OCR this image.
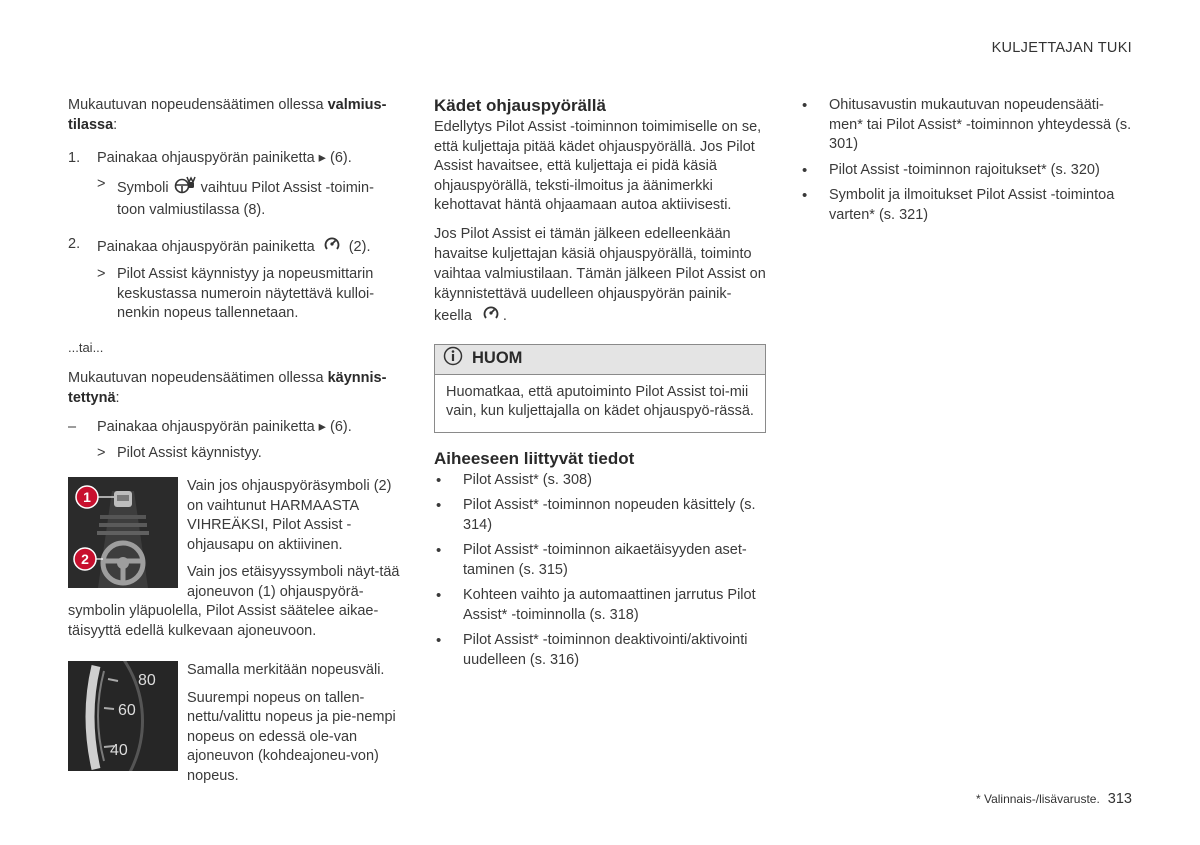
KULJETTAJAN TUKI

Mukautuvan nopeudensäätimen ollessa valmius-tilassa:

1. Painakaa ohjauspyörän painiketta ▸ (6).
> Symboli vaihtuu Pilot Assist -toimin-toon valmiustilassa (8).
2. Painakaa ohjauspyörän painiketta (2).
> Pilot Assist käynnistyy ja nopeusmittarin keskustassa numeroin näytettävä kulloi-nenkin nopeus tallennetaan.

...tai...

Mukautuvan nopeudensäätimen ollessa käynnis-tettynä:

– Painakaa ohjauspyörän painiketta ▸ (6).
> Pilot Assist käynnistyy.
1
2

Vain jos ohjauspyöräsymboli (2) on vaihtunut HARMAASTA VIHREÄKSI, Pilot Assist -ohjausapu on aktiivinen.

Vain jos etäisyyssymboli näyt-tää ajoneuvon (1) ohjauspyörä-symbolin yläpuolella, Pilot Assist säätelee aikae-täisyyttä edellä kulkevaan ajoneuvoon.

80
60
40

Samalla merkitään nopeusväli.

Suurempi nopeus on tallen-nettu/valittu nopeus ja pie-nempi nopeus on edessä ole-van ajoneuvon (kohdeajoneu-von) nopeus.

Kädet ohjauspyörällä

Edellytys Pilot Assist -toiminnon toimimiselle on se, että kuljettaja pitää kädet ohjauspyörällä. Jos Pilot Assist havaitsee, että kuljettaja ei pidä käsiä ohjauspyörällä, teksti-ilmoitus ja äänimerkki kehottavat häntä ohjaamaan autoa aktiivisesti.

Jos Pilot Assist ei tämän jälkeen edelleenkään havaitse kuljettajan käsiä ohjauspyörällä, toiminto vaihtaa valmiustilaan. Tämän jälkeen Pilot Assist on käynnistettävä uudelleen ohjauspyörän painik-keella .

HUOM
Huomatkaa, että aputoiminto Pilot Assist toi-mii vain, kun kuljettajalla on kädet ohjauspyö-rässä.
Aiheeseen liittyvät tiedot
• Pilot Assist* (s. 308)
• Pilot Assist* -toiminnon nopeuden käsittely (s. 314)
• Pilot Assist* -toiminnon aikaetäisyyden aset-taminen (s. 315)
• Kohteen vaihto ja automaattinen jarrutus Pilot Assist* -toiminnolla (s. 318)
• Pilot Assist* -toiminnon deaktivointi/aktivointi uudelleen (s. 316)
• Ohitusavustin mukautuvan nopeudensääti-men* tai Pilot Assist* -toiminnon yhteydessä (s. 301)
• Pilot Assist -toiminnon rajoitukset* (s. 320)
• Symbolit ja ilmoitukset Pilot Assist -toimintoa varten* (s. 321)
* Valinnais-/lisävaruste. 313
